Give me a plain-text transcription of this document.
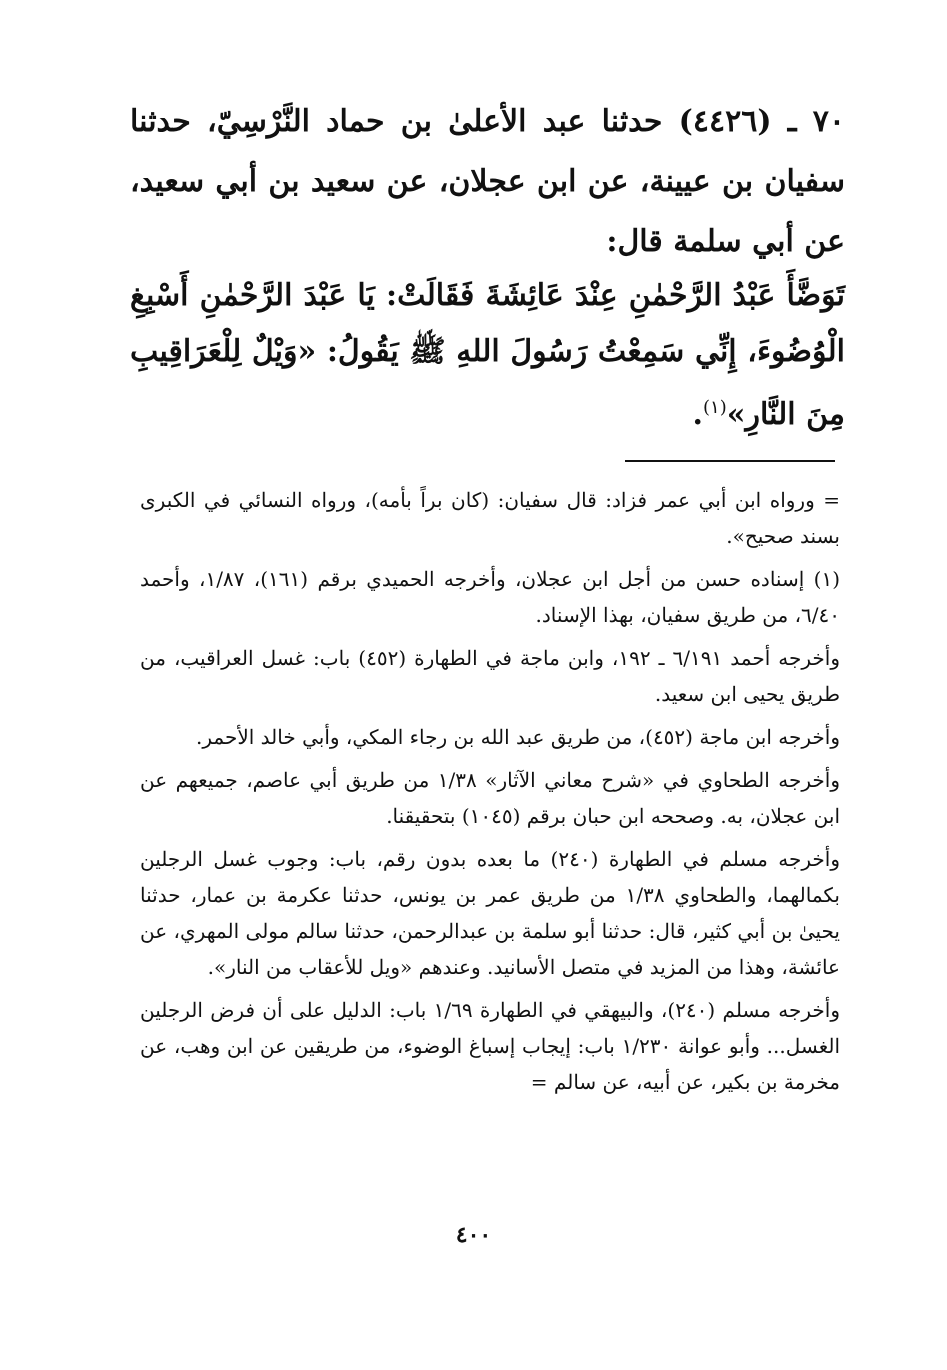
٧٠ ـ (٤٤٢٦) حدثنا عبد الأعلىٰ بن حماد النَّرْسِيّ، حدثنا سفيان بن عيينة، عن ابن عجلان، عن سعيد بن أبي سعيد، عن أبي سلمة قال:

تَوَضَّأَ عَبْدُ الرَّحْمٰنِ عِنْدَ عَائِشَةَ فَقَالَتْ: يَا عَبْدَ الرَّحْمٰنِ أَسْبِغِ الْوُضُوءَ، إِنِّي سَمِعْتُ رَسُولَ اللهِ ﷺ يَقُولُ: «وَيْلٌ لِلْعَرَاقِيبِ مِنَ النَّارِ»$^{(١)}$.

= ورواه ابن أبي عمر فزاد: قال سفيان: (كان براً بأمه)، ورواه النسائي في الكبرى بسند صحيح».

(١) إسناده حسن من أجل ابن عجلان، وأخرجه الحميدي برقم (١٦١)، ١/٨٧، وأحمد ٦/٤٠، من طريق سفيان، بهذا الإسناد.

وأخرجه أحمد ٦/١٩١ ـ ١٩٢، وابن ماجة في الطهارة (٤٥٢) باب: غسل العراقيب، من طريق يحيى ابن سعيد.

وأخرجه ابن ماجة (٤٥٢)، من طريق عبد الله بن رجاء المكي، وأبي خالد الأحمر.

وأخرجه الطحاوي في «شرح معاني الآثار» ١/٣٨ من طريق أبي عاصم، جميعهم عن ابن عجلان، به. وصححه ابن حبان برقم (١٠٤٥) بتحقيقنا.

وأخرجه مسلم في الطهارة (٢٤٠) ما بعده بدون رقم، باب: وجوب غسل الرجلين بكمالهما، والطحاوي ١/٣٨ من طريق عمر بن يونس، حدثنا عكرمة بن عمار، حدثنا يحيىٰ بن أبي كثير، قال: حدثنا أبو سلمة بن عبدالرحمن، حدثنا سالم مولى المهري، عن عائشة، وهذا من المزيد في متصل الأسانيد. وعندهم «ويل للأعقاب من النار».

وأخرجه مسلم (٢٤٠)، والبيهقي في الطهارة ١/٦٩ باب: الدليل على أن فرض الرجلين الغسل... وأبو عوانة ١/٢٣٠ باب: إيجاب إسباغ الوضوء، من طريقين عن ابن وهب، عن مخرمة بن بكير، عن أبيه، عن سالم =

٤٠٠
